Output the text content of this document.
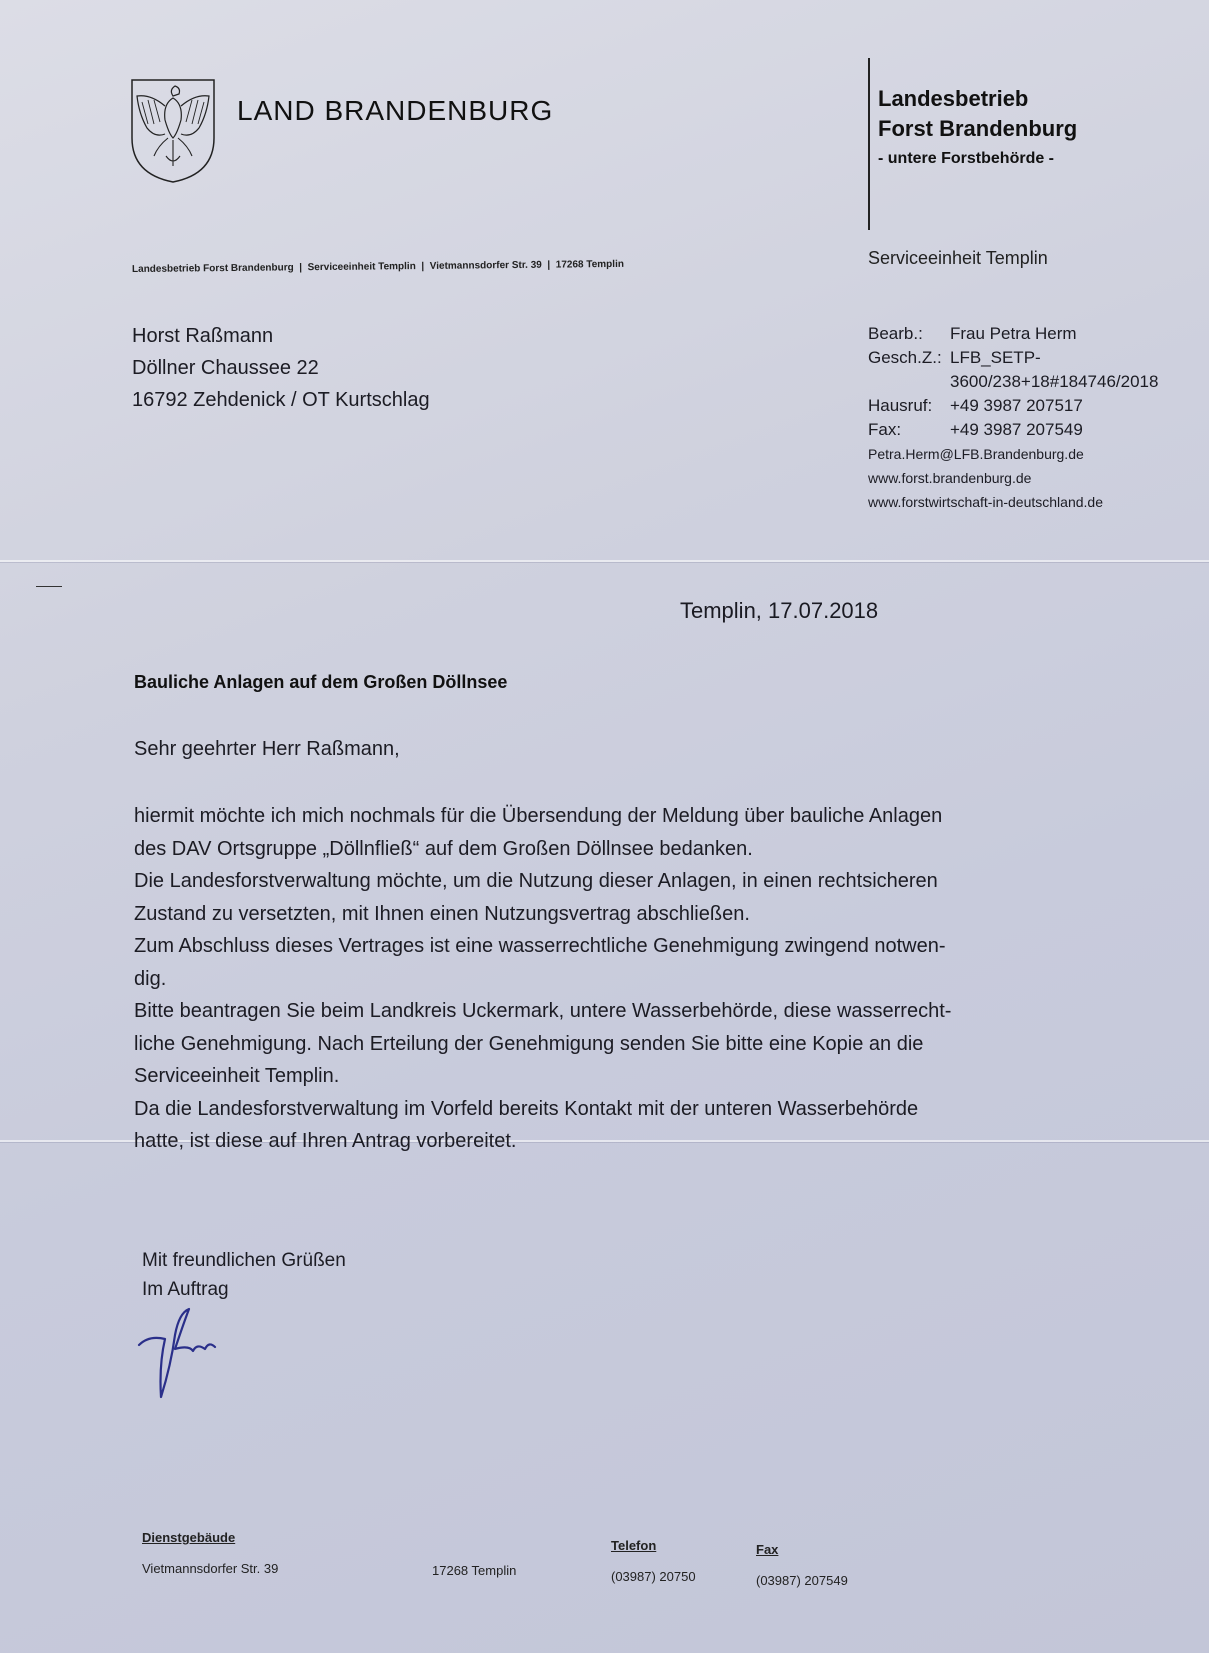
LAND BRANDENBURG	Landesbetrieb
Forst Brandenburg
- untere Forstbehörde -
Landesbetrieb Forst Brandenburg | Serviceeinheit Templin | Vietmannsdorfer Str. 39 | 17268 Templin	Serviceeinheit Templin
Horst Raßmann
Döllner Chaussee 22
16792 Zehdenick / OT Kurtschlag
Bearb.:	Frau Petra Herm
Gesch.Z.: LFB_SETP-
3600/238+18#184746/2018
Hausruf:	+49 3987 207517
Fax:	+49 3987 207549
Petra.Herm@LFB.Brandenburg.de
www.forst.brandenburg.de
www.forstwirtschaft-in-deutschland.de
Templin, 17.07.2018
Bauliche Anlagen auf dem Großen Döllnsee
Sehr geehrter Herr Raßmann,

hiermit möchte ich mich nochmals für die Übersendung der Meldung über bauliche Anlagen

des DAV Ortsgruppe „Döllnfließ“ auf dem Großen Döllnsee bedanken.

Die Landesforstverwaltung möchte, um die Nutzung dieser Anlagen, in einen rechtsicheren

Zustand zu versetzten, mit Ihnen einen Nutzungsvertrag abschließen.

Zum Abschluss dieses Vertrages ist eine wasserrechtliche Genehmigung zwingend notwen-

dig.

Bitte beantragen Sie beim Landkreis Uckermark, untere Wasserbehörde, diese wasserrecht-

liche Genehmigung. Nach Erteilung der Genehmigung senden Sie bitte eine Kopie an die

Serviceeinheit Templin.

Da die Landesforstverwaltung im Vorfeld bereits Kontakt mit der unteren Wasserbehörde

hatte, ist diese auf Ihren Antrag vorbereitet.

Mit freundlichen Grüßen
Im Auftrag
Dienstgebäude
Vietmannsdorfer Str. 39	17268 Templin
Telefon
(03987) 20750
Fax
(03987) 207549
